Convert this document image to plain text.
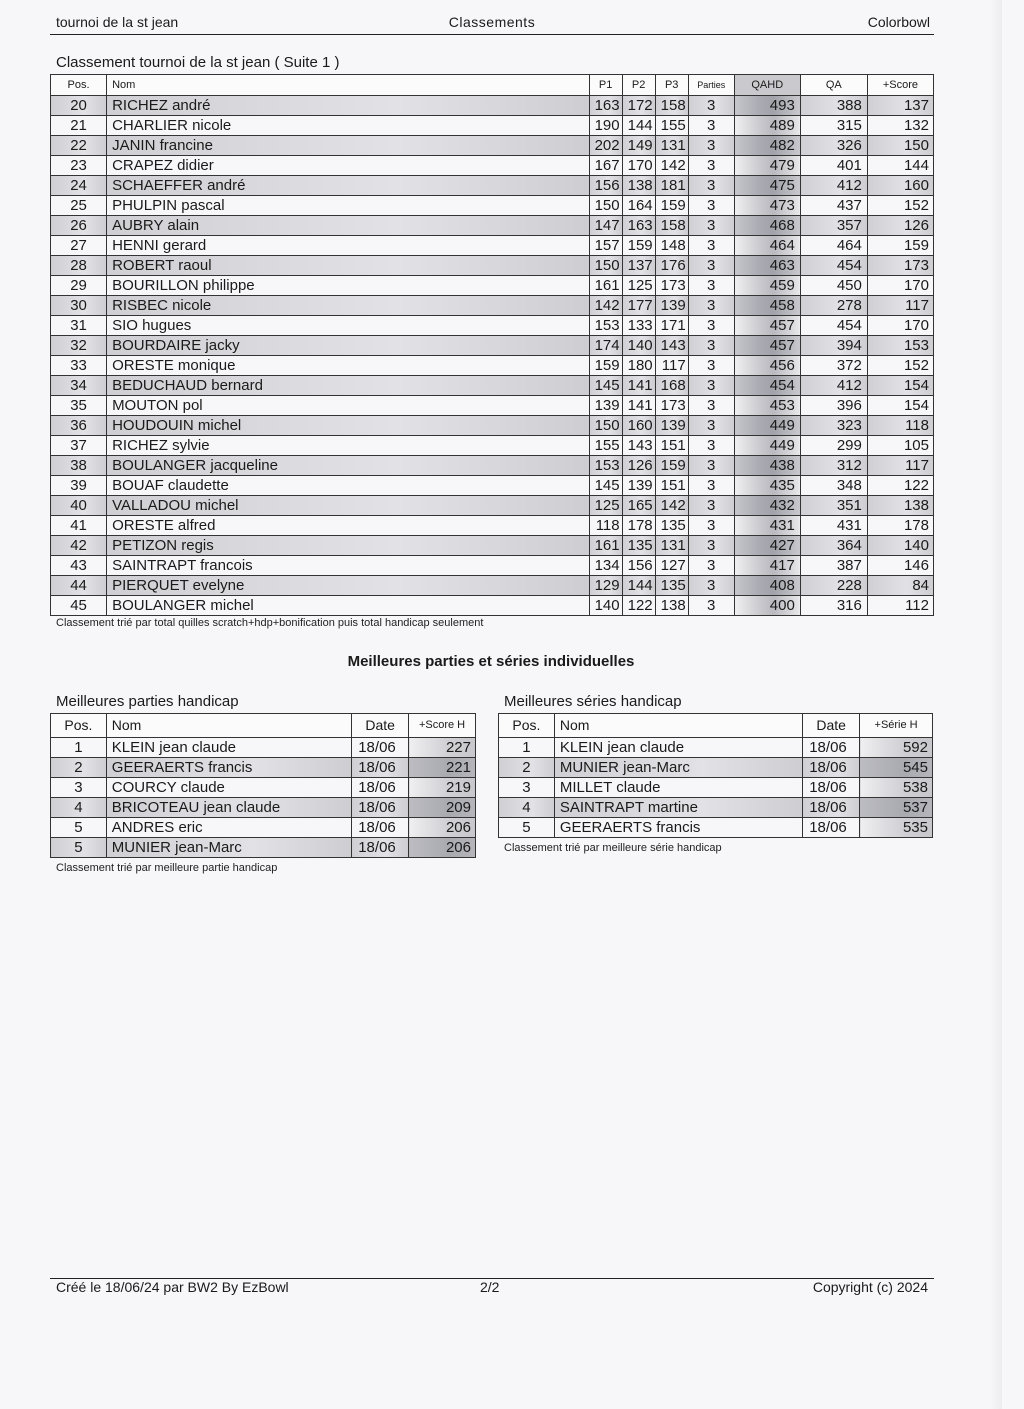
tournoi de la st jean	Classements	Colorbowl
Classement tournoi de la st jean ( Suite 1 )
Pos.	Nom	P1	P2	P3	Parties	QAHD	QA	+Score
20	RICHEZ andré	163	172	158	3	493	388	137
21	CHARLIER nicole	190	144	155	3	489	315	132
22	JANIN francine	202	149	131	3	482	326	150
23	CRAPEZ didier	167	170	142	3	479	401	144
24	SCHAEFFER andré	156	138	181	3	475	412	160
25	PHULPIN pascal	150	164	159	3	473	437	152
26	AUBRY alain	147	163	158	3	468	357	126
27	HENNI gerard	157	159	148	3	464	464	159
28	ROBERT raoul	150	137	176	3	463	454	173
29	BOURILLON philippe	161	125	173	3	459	450	170
30	RISBEC nicole	142	177	139	3	458	278	117
31	SIO hugues	153	133	171	3	457	454	170
32	BOURDAIRE jacky	174	140	143	3	457	394	153
33	ORESTE monique	159	180	117	3	456	372	152
34	BEDUCHAUD bernard	145	141	168	3	454	412	154
35	MOUTON pol	139	141	173	3	453	396	154
36	HOUDOUIN michel	150	160	139	3	449	323	118
37	RICHEZ sylvie	155	143	151	3	449	299	105
38	BOULANGER jacqueline	153	126	159	3	438	312	117
39	BOUAF claudette	145	139	151	3	435	348	122
40	VALLADOU michel	125	165	142	3	432	351	138
41	ORESTE alfred	118	178	135	3	431	431	178
42	PETIZON regis	161	135	131	3	427	364	140
43	SAINTRAPT francois	134	156	127	3	417	387	146
44	PIERQUET evelyne	129	144	135	3	408	228	84
45	BOULANGER michel	140	122	138	3	400	316	112
Classement trié par total quilles scratch+hdp+bonification puis total handicap seulement
Meilleures parties et séries individuelles
Meilleures parties handicap
Pos.	Nom	Date	+Score H
1	KLEIN jean claude	18/06	227
2	GEERAERTS francis	18/06	221
3	COURCY claude	18/06	219
4	BRICOTEAU jean claude	18/06	209
5	ANDRES eric	18/06	206
5	MUNIER jean-Marc	18/06	206
Classement trié par meilleure partie handicap
Meilleures séries handicap
Pos.	Nom	Date	+Série H
1	KLEIN jean claude	18/06	592
2	MUNIER jean-Marc	18/06	545
3	MILLET claude	18/06	538
4	SAINTRAPT martine	18/06	537
5	GEERAERTS francis	18/06	535
Classement trié par meilleure série handicap
Créé le 18/06/24 par BW2 By EzBowl	2/2	Copyright (c) 2024
